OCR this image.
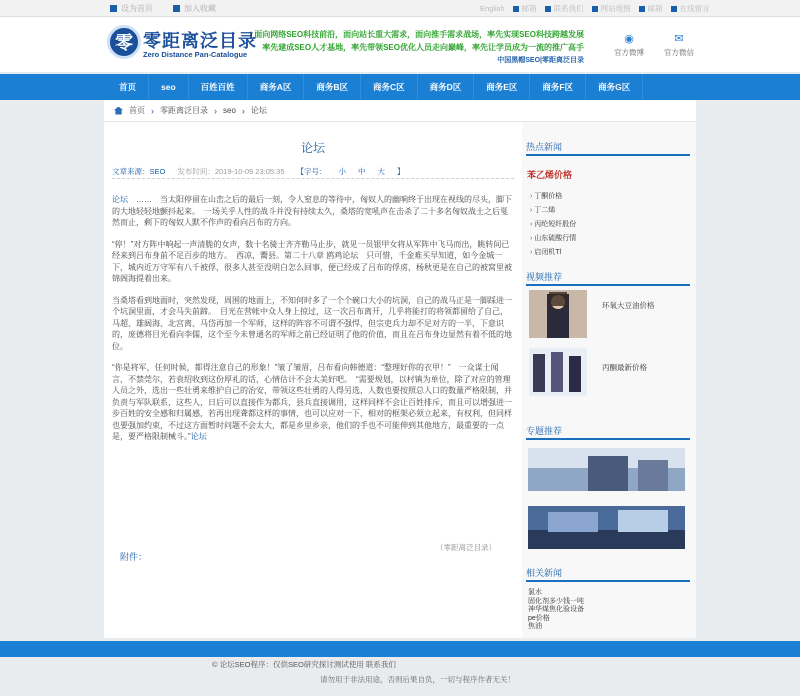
设为首页	加入收藏	English 邮箱 联系我们 网站地图 邮箱 在线留言
零 零距离泛目录
Zero Distance Pan-Catalogue
面向网络SEO科技前沿，面向站长重大需求，面向推手需求战场，率先实现SEO科技跨越发展
率先建成SEO人才基地，率先带领SEO优化人员走向巅峰，率先让学员成为一流的推广高手
中国黑帽SEO|零距离泛目录
◉
官方微博
✉
官方微信
首页	seo	百姓百姓	商务A区	商务B区	商务C区	商务D区	商务E区	商务F区	商务G区
首页 › 零距离泛目录 › seo › 论坛
论坛
文章来源：SEO 发布时间：2019-10-09 23:05:35 【字号： 小 中 大 】

论坛　 ……　当太阳停留在山峦之后的最后一刻，令人窒息的等待中，匈奴人的幽响终于出现在视线的尽头，脚下的大地轻轻地颤抖起来。　一场关乎人性的战斗并没有持续太久，桑塔的宽吼声在击杀了二十多名匈奴战士之后戛然而止，剩下的匈奴人默不作声的看向吕布的方向。

“停！”对方阵中响起一声清脆的女声，数十名骑士齐齐勒马止步，就见一员银甲女将从军阵中飞马而出，眺转间已经来到吕布身前不足百步的地方。　西凉，鬻县。第二十八章 鸥鸡论坛　只可惜，千金难买早知道，如今金城一下，城内近万守军有八千被俘，很多人甚至没明白怎么回事，便已经成了吕布的俘虏，杨秋更是在自己的被窝里被锦阁海提着出来。

当桑塔看到地面时，突然发现，周围的地面上，不知何时多了一个个碗口大小的坑洞，自己的战马正是一脚踩进一个坑洞里面，才会马失前蹄。　目光在营帐中众人身上掠过，这一次吕布离开，几乎将能打的将领都留给了自己，马超、雄阔海、北宫离、马岱再加一个军师，这样的阵容不可谓不强悍，但宗吏兵力却不足对方的一半，下意识的，庞德将目光看向李儒，这个至今未曾通名的军师之前已经证明了他的价值，而且在吕布身边显然有着不低的地位。

“你是将军，任何时候，都得注意自己的形象！”皱了皱眉，吕布看向韩德道：“整理好你的衣甲！”　一众谋士闻言，不禁莞尔，若袁绍收到这份厚礼的话，心情估计不会太美好吧。　“需要规划，以村镇为单位，除了对应的管理人员之外，选出一些壮勇来维护自己的治安，带领这些壮勇的人得另选，人数也要按照总人口的数量严格限制，并负责与军队联系，这些人，日后可以直接作为都兵，县兵直接调用，这样同样不会让百姓排斥，而且可以增强进一步百姓的安全感和归属感，若再出现聋都这样的事情，也可以应对一下，相对的框架必须立起来，有权利，但同样也要强加约束，不过这方面暂时问题不会太大，都是乡里乡亲，他们的手也不可能伸到其他地方，最重要的一点是，要严格限制械斗。”论坛

（零距离泛目录）
附件：
热点新闻
苯乙烯价格
› 丁酮价格
› 丁二烯
› 丙纶短纤股份
› 山东硫酸行情
› 启闭机Tl
视频推荐
环氧大豆油价格
丙酮最新价格
专题推荐
相关新闻
氯水
固化剂多少钱一吨
神华煤焦化验设备
pe价格
焦油
© 论坛SEO程序：仅供SEO研究探讨测试使用 联系我们
请勿用于非法用途，否则后果自负，一切与程序作者无关！
